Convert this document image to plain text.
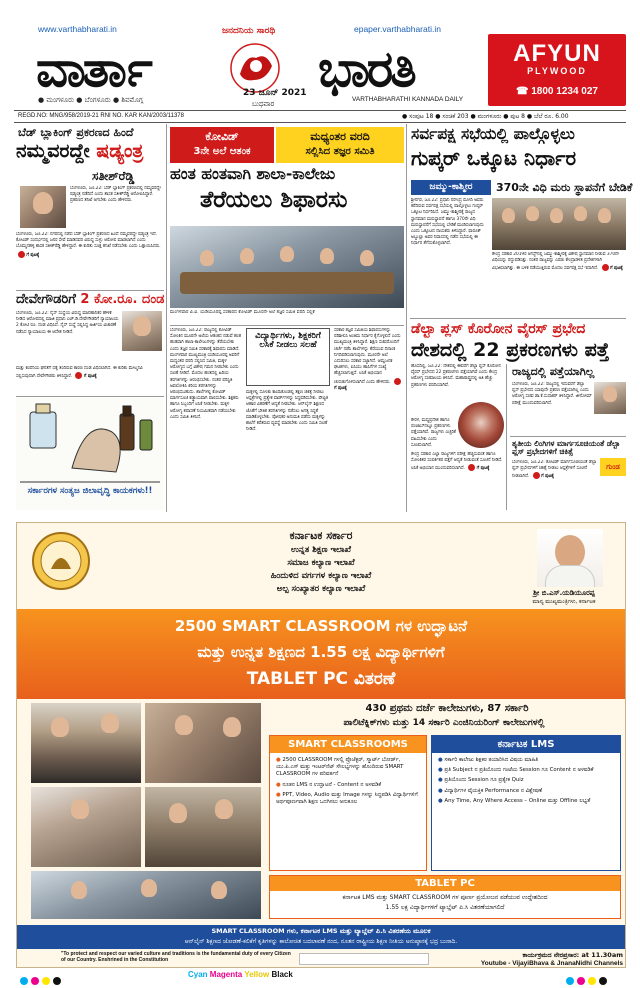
www.varthabharati.in	epaper.varthabharati.in
ಜನದನಿಯ ಸಾರಥಿ
ವಾರ್ತಾ	ಭಾರತಿ
● ಮಂಗಳೂರು ● ಬೆಂಗಳೂರು ● ಶಿವಮೊಗ್ಗ
23 ಜೂನ್ 2021
ಬುಧವಾರ
VARTHABHARATHI KANNADA DAILY
AFYUN
PLYWOOD
☎ 1800 1234 027
REGD.NO: MNG/958/2019-21 RNI NO. KAR KAN/2003/11378	● ಸಂಪುಟ 18 ● ಸಂಚಿಕೆ 203 ● ಮಂಗಳೂರು ● ಪುಟ 8 ● ಬೆಲೆ ರೂ. 6.00
ಬೆಡ್ ಬ್ಲಾಕಿಂಗ್ ಪ್ರಕರಣದ ಹಿಂದೆ
ನಮ್ಮವರದ್ದೇ ಷಡ್ಯಂತ್ರ
ಸತೀಶ್‌ರೆಡ್ಡಿ
ಬೆಂಗಳೂರು, ಜೂ.22: ಬೆಡ್ ಬ್ಲಾಕಿಂಗ್ ಪ್ರಕರಣದಲ್ಲಿ ನಮ್ಮವರದ್ದೇ ಷಡ್ಯಂತ್ರ ನಡೆದಿದೆ ಎಂದು ಶಾಸಕ ಸತೀಶ್‌ರೆಡ್ಡಿ ಆರೋಪಿಸಿದ್ದಾರೆ. ಪ್ರಕರಣದ ತನಿಖೆ ಆಗಬೇಕು ಎಂದು ಹೇಳಿದರು.
ಬೆಂಗಳೂರು, ಜೂ.22: ನಗರದಲ್ಲಿ ನಡೆದ ಬೆಡ್ ಬ್ಲಾಕಿಂಗ್ ಪ್ರಕರಣದ ಹಿಂದೆ ನಮ್ಮವರದ್ದೇ ಷಡ್ಯಂತ್ರ ಇದೆ. ಕೋವಿಡ್ ಸಂದರ್ಭದಲ್ಲಿ ಜನರ ಸೇವೆ ಮಾಡಿದವರ ವಿರುದ್ಧ ಸುಳ್ಳು ಆರೋಪ ಮಾಡಲಾಗಿದೆ ಎಂದು ಬೊಮ್ಮನಹಳ್ಳಿ ಶಾಸಕ ಸತೀಶ್‌ರೆಡ್ಡಿ ಹೇಳಿದ್ದಾರೆ. ಈ ಕುರಿತು ಸೂಕ್ತ ತನಿಖೆ ನಡೆಸಬೇಕು ಎಂದು ಒತ್ತಾಯಿಸಿದರು.  ಗೆ ಪುಟಕ್ಕೆ
ದೇವೇಗೌಡರಿಗೆ 2 ಕೋ.ರೂ. ದಂಡ
ಬೆಂಗಳೂರು, ಜೂ.22: ನೈಸ್ ಸಂಸ್ಥೆಯ ವಿರುದ್ಧ ಮಾನಹಾನಿಕರ ಹೇಳಿಕೆ ನೀಡಿದ ಆರೋಪದಲ್ಲಿ ಮಾಜಿ ಪ್ರಧಾನಿ ಎಚ್.ಡಿ.ದೇವೇಗೌಡರಿಗೆ ನ್ಯಾಯಾಲಯ 2 ಕೋಟಿ ರೂ. ದಂಡ ವಿಧಿಸಿದೆ. ನೈಸ್ ಸಂಸ್ಥೆ ಸಲ್ಲಿಸಿದ್ದ ಅರ್ಜಿಯ ವಿಚಾರಣೆ ನಡೆಸಿದ ನ್ಯಾಯಾಲಯ ಈ ಆದೇಶ ನೀಡಿದೆ.
ಮತ್ತು ಕಂಪೆನಿಯ ಘನತೆಗೆ ಧಕ್ಕೆ ತಂದಿರುವ ಕಾರಣ ದಂಡ ವಿಧಿಸಲಾಗಿದೆ. ಈ ಕುರಿತು ಮೇಲ್ಮನವಿ ಸಲ್ಲಿಸುವುದಾಗಿ ದೇವೇಗೌಡರು ತಿಳಿಸಿದ್ದಾರೆ.  ಗೆ ಪುಟಕ್ಕೆ
ಸರ್ಕಾರಗಳ ಸಂತ್ಯಜ ಜಿಲಾವೃದ್ಧಿ ಕಾಯಕಗಳು!!
ಕೋವಿಡ್
3ನೇ ಅಲೆ ಆತಂಕ
ಮಧ್ಯಂತರ ವರದಿ
ಸಲ್ಲಿಸಿದ ತಜ್ಞರ ಸಮಿತಿ
ಹಂತ ಹಂತವಾಗಿ ಶಾಲಾ-ಕಾಲೇಜು
ತೆರೆಯಲು ಶಿಫಾರಸು
ಮಂಗಳವಾರ ವಿ.ವಿ. ಯಡಿಯೂರಪ್ಪ ಸರಕಾರದ ಕೋವಿಡ್ ಮೂರನೇ ಅಲೆ ತಜ್ಞರ ಸಮಿತಿ ವರದಿ ಸಲ್ಲಿಕೆ
ಬೆಂಗಳೂರು, ಜೂ.22: ರಾಜ್ಯದಲ್ಲಿ ಕೋವಿಡ್ ಸೋಂಕಿನ ಮೂರನೇ ಅಲೆಯ ಆತಂಕದ ನಡುವೆ ಹಂತ ಹಂತವಾಗಿ ಶಾಲಾ-ಕಾಲೇಜುಗಳನ್ನು ತೆರೆಯಬೇಕು ಎಂದು ತಜ್ಞರ ಸಮಿತಿ ಸರಕಾರಕ್ಕೆ ಶಿಫಾರಸು ಮಾಡಿದೆ. ಮಂಗಳವಾರ ಮುಖ್ಯಮಂತ್ರಿ ಯಡಿಯೂರಪ್ಪ ಅವರಿಗೆ ಮಧ್ಯಂತರ ವರದಿ ಸಲ್ಲಿಸಿದ ಸಮಿತಿ, ಮಕ್ಕಳ ಆರೋಗ್ಯದ ಬಗ್ಗೆ ವಿಶೇಷ ಗಮನ ನೀಡಬೇಕು ಎಂದು ಸಲಹೆ ನೀಡಿದೆ. ಮೊದಲ ಹಂತದಲ್ಲಿ ಹಿರಿಯ ತರಗತಿಗಳನ್ನು ಆರಂಭಿಸಬೇಕು. ನಂತರ ಪರಿಸ್ಥಿತಿ ಅವಲೋಕಿಸಿ ಕಿರಿಯ ತರಗತಿಗಳನ್ನು ಆರಂಭಿಸಬಹುದು. ಶಾಲೆಗಳಲ್ಲಿ ಕೋವಿಡ್ ಮಾರ್ಗಸೂಚಿ ಕಡ್ಡಾಯವಾಗಿ ಪಾಲಿಸಬೇಕು. ಶಿಕ್ಷಕರು ಹಾಗೂ ಸಿಬ್ಬಂದಿಗೆ ಲಸಿಕೆ ನೀಡಬೇಕು. ಮಕ್ಕಳ ಆರೋಗ್ಯ ತಪಾಸಣೆ ನಿಯಮಿತವಾಗಿ ನಡೆಯಬೇಕು ಎಂದು ಸಮಿತಿ ತಿಳಿಸಿದೆ.
ವಿದ್ಯಾರ್ಥಿಗಳು, ಶಿಕ್ಷಕರಿಗೆ ಲಸಿಕೆ ನೀಡಲು ಸಲಹೆ
ಮಕ್ಕಳಲ್ಲಿ ಸೋಂಕು ಕಾಣಿಸಿಕೊಂಡಲ್ಲಿ ತಕ್ಷಣ ಚಿಕಿತ್ಸೆ ನೀಡಲು ಆಸ್ಪತ್ರೆಗಳಲ್ಲಿ ಪ್ರತ್ಯೇಕ ವಾರ್ಡ್‌ಗಳನ್ನು ಸಿದ್ಧಪಡಿಸಬೇಕು. ಪೌಷ್ಟಿಕ ಆಹಾರ ವಿತರಣೆಗೆ ಆದ್ಯತೆ ನೀಡಬೇಕು. ಆನ್‌ಲೈನ್ ಶಿಕ್ಷಣದ ಜೊತೆಗೆ ಭೌತಿಕ ತರಗತಿಗಳನ್ನು ನಡೆಸಲು ಅಗತ್ಯ ಸಿದ್ಧತೆ ಮಾಡಿಕೊಳ್ಳಬೇಕು. ಪೋಷಕರ ಅನುಮತಿ ಪಡೆದು ಮಕ್ಕಳನ್ನು ಶಾಲೆಗೆ ಕರೆತರುವ ವ್ಯವಸ್ಥೆ ಮಾಡಬೇಕು ಎಂದು ಸಮಿತಿ ಸಲಹೆ ನೀಡಿದೆ.
ಸರಕಾರ ತಜ್ಞರ ಸಮಿತಿಯ ಶಿಫಾರಸುಗಳನ್ನು ಪರಿಶೀಲಿಸಿ ಅಂತಿಮ ನಿರ್ಧಾರ ಕೈಗೊಳ್ಳಲಿದೆ ಎಂದು ಮುಖ್ಯಮಂತ್ರಿ ತಿಳಿಸಿದ್ದಾರೆ. ಶಿಕ್ಷಣ ಸಚಿವರೊಂದಿಗೆ ಚರ್ಚೆ ನಡೆಸಿ ಶಾಲೆಗಳನ್ನು ತೆರೆಯುವ ದಿನಾಂಕ ನಿಗದಿಪಡಿಸಲಾಗುವುದು. ಮೂರನೇ ಅಲೆ ಎದುರಿಸಲು ಸರಕಾರ ಸಜ್ಜಾಗಿದೆ. ಆಮ್ಲಜನಕ ಘಟಕಗಳು, ಐಸಿಯು ಹಾಸಿಗೆಗಳ ಸಂಖ್ಯೆ ಹೆಚ್ಚಿಸಲಾಗುತ್ತಿದೆ. ಲಸಿಕೆ ಅಭಿಯಾನ ಚುರುಕುಗೊಳಿಸಲಾಗಿದೆ ಎಂದು ಹೇಳಿದರು.  ಗೆ ಪುಟಕ್ಕೆ
ಸರ್ವಪಕ್ಷ ಸಭೆಯಲ್ಲಿ ಪಾಲ್ಗೊಳ್ಳಲು
ಗುಪ್ಕರ್ ಒಕ್ಕೂಟ ನಿರ್ಧಾರ
ಜಮ್ಮು-ಕಾಶ್ಮೀರ	370ನೇ ವಿಧಿ ಮರು ಸ್ಥಾಪನೆಗೆ ಬೇಡಿಕೆ
ಶ್ರೀನಗರ, ಜೂ.22: ಪ್ರಧಾನಿ ನರೇಂದ್ರ ಮೋದಿ ಅವರು ಕರೆದಿರುವ ಸರ್ವಪಕ್ಷ ಸಭೆಯಲ್ಲಿ ಪಾಲ್ಗೊಳ್ಳಲು ಗುಪ್ಕರ್ ಒಕ್ಕೂಟ ನಿರ್ಧರಿಸಿದೆ. ಜಮ್ಮು-ಕಾಶ್ಮೀರಕ್ಕೆ ರಾಜ್ಯದ ಸ್ಥಾನಮಾನ ಮರುಸ್ಥಾಪನೆ ಹಾಗೂ 370ನೇ ವಿಧಿ ಮರುಸ್ಥಾಪನೆಗೆ ಸಭೆಯಲ್ಲಿ ಬೇಡಿಕೆ ಮಂಡಿಸಲಾಗುವುದು ಎಂದು ಒಕ್ಕೂಟದ ನಾಯಕರು ತಿಳಿಸಿದ್ದಾರೆ. ಫಾರೂಕ್ ಅಬ್ದುಲ್ಲಾ ಅವರ ನಿವಾಸದಲ್ಲಿ ನಡೆದ ಸಭೆಯಲ್ಲಿ ಈ ನಿರ್ಧಾರ ತೆಗೆದುಕೊಳ್ಳಲಾಗಿದೆ.
ಕೇಂದ್ರ ಸರಕಾರ 2019ರ ಆಗಸ್ಟ್‌ನಲ್ಲಿ ಜಮ್ಮು-ಕಾಶ್ಮೀರಕ್ಕೆ ವಿಶೇಷ ಸ್ಥಾನಮಾನ ನೀಡುವ 370ನೇ ವಿಧಿಯನ್ನು ರದ್ದುಪಡಿಸಿತ್ತು. ನಂತರ ರಾಜ್ಯವನ್ನು ಎರಡು ಕೇಂದ್ರಾಡಳಿತ ಪ್ರದೇಶಗಳಾಗಿ ವಿಭಜಿಸಲಾಗಿತ್ತು. ಈ ಬಳಿಕ ನಡೆಯುತ್ತಿರುವ ಮೊದಲ ಸರ್ವಪಕ್ಷ ಸಭೆ ಇದಾಗಿದೆ.  ಗೆ ಪುಟಕ್ಕೆ
ಡೆಲ್ಟಾ ಪ್ಲಸ್ ಕೊರೋನ ವೈರಸ್ ಪ್ರಭೇದ
ದೇಶದಲ್ಲಿ 22 ಪ್ರಕರಣಗಳು ಪತ್ತೆ
ಹೊಸದಿಲ್ಲಿ, ಜೂ.22: ದೇಶದಲ್ಲಿ ಈವರೆಗೆ ಡೆಲ್ಟಾ ಪ್ಲಸ್ ಕೊರೋನ ವೈರಸ್ ಪ್ರಭೇದದ 22 ಪ್ರಕರಣಗಳು ಪತ್ತೆಯಾಗಿವೆ ಎಂದು ಕೇಂದ್ರ ಆರೋಗ್ಯ ಸಚಿವಾಲಯ ತಿಳಿಸಿದೆ. ಮಹಾರಾಷ್ಟ್ರದಲ್ಲಿ ಅತಿ ಹೆಚ್ಚು ಪ್ರಕರಣಗಳು ವರದಿಯಾಗಿವೆ.
ಕೇರಳ, ಮಧ್ಯಪ್ರದೇಶ ಹಾಗೂ ಪಂಜಾಬ್‌ನಲ್ಲೂ ಪ್ರಕರಣಗಳು ಪತ್ತೆಯಾಗಿವೆ. ರಾಜ್ಯಗಳು ಎಚ್ಚರಿಕೆ ವಹಿಸಬೇಕು ಎಂದು ಸೂಚಿಸಲಾಗಿದೆ.
ಕೇಂದ್ರ ಸರಕಾರ ಎಲ್ಲಾ ರಾಜ್ಯಗಳಿಗೆ ಪರೀಕ್ಷೆ ಹೆಚ್ಚಿಸುವಂತೆ ಹಾಗೂ ಸೋಂಕಿತರ ಸಂಪರ್ಕಿತರ ಪತ್ತೆಗೆ ಆದ್ಯತೆ ನೀಡುವಂತೆ ಸೂಚನೆ ನೀಡಿದೆ. ಲಸಿಕೆ ಅಭಿಯಾನ ಮುಂದುವರಿಸಲಾಗಿದೆ.  ಗೆ ಪುಟಕ್ಕೆ
ರಾಜ್ಯದಲ್ಲಿ ಪತ್ತೆಯಾಗಿಲ್ಲ
ಬೆಂಗಳೂರು, ಜೂ.22: ರಾಜ್ಯದಲ್ಲಿ ಇದುವರೆಗೆ ಡೆಲ್ಟಾ ಪ್ಲಸ್ ಪ್ರಭೇದದ ಯಾವುದೇ ಪ್ರಕರಣ ಪತ್ತೆಯಾಗಿಲ್ಲ ಎಂದು ಆರೋಗ್ಯ ಸಚಿವ ಡಾ.ಕೆ.ಸುಧಾಕರ್ ತಿಳಿಸಿದ್ದಾರೆ. ಜೀನೋಮ್ ಪರೀಕ್ಷೆ ಮುಂದುವರಿಸಲಾಗಿದೆ.
ತೃತೀಯ ಲಿಂಗಿಗಳ ಮಾರ್ಗಸೂಚಿಯಂತೆ ಡೆಲ್ಟಾ ಪ್ಲಸ್ ಪ್ರಭೇದಗಳಿಗೆ ಚಿಕಿತ್ಸೆ
ಗುಂಡ
ಬೆಂಗಳೂರು, ಜೂ.22: ಕೋವಿಡ್ ಮಾರ್ಗಸೂಚಿಯಂತೆ ಡೆಲ್ಟಾ ಪ್ಲಸ್ ಪ್ರಭೇದಗಳಿಗೆ ಚಿಕಿತ್ಸೆ ನೀಡಲು ಆಸ್ಪತ್ರೆಗಳಿಗೆ ಸೂಚನೆ ನೀಡಲಾಗಿದೆ.  ಗೆ ಪುಟಕ್ಕೆ
ಕರ್ನಾಟಕ ಸರ್ಕಾರ
ಉನ್ನತ ಶಿಕ್ಷಣ ಇಲಾಖೆ
ಸಮಾಜ ಕಲ್ಯಾಣ ಇಲಾಖೆ
ಹಿಂದುಳಿದ ವರ್ಗಗಳ ಕಲ್ಯಾಣ ಇಲಾಖೆ
ಅಲ್ಪ ಸಂಖ್ಯಾತರ ಕಲ್ಯಾಣ ಇಲಾಖೆ	ಶ್ರೀ ಬಿ.ಎಸ್.ಯಡಿಯೂರಪ್ಪ
ಮಾನ್ಯ ಮುಖ್ಯಮಂತ್ರಿಗಳು, ಕರ್ನಾಟಕ
2500 SMART CLASSROOM ಗಳ ಉದ್ಘಾಟನೆ
ಮತ್ತು ಉನ್ನತ ಶಿಕ್ಷಣದ 1.55 ಲಕ್ಷ ವಿದ್ಯಾರ್ಥಿಗಳಿಗೆ
TABLET PC ವಿತರಣೆ
430 ಪ್ರಥಮ ದರ್ಜೆ ಕಾಲೇಜುಗಳು, 87 ಸರ್ಕಾರಿ
ಪಾಲಿಟೆಕ್ನಿಕ್‌ಗಳು ಮತ್ತು 14 ಸರ್ಕಾರಿ ಎಂಜಿನಿಯರಿಂಗ್ ಕಾಲೇಜುಗಳಲ್ಲಿ
SMART CLASSROOMS
● 2500 CLASSROOM ಗಳಲ್ಲಿ ಪ್ರೊಜೆಕ್ಟರ್, ಸ್ಮಾರ್ಟ್ ಬೋರ್ಡ್, ಯು.ಪಿ.ಎಸ್ ಮತ್ತು ಇಂಟರ್‌ನೆಟ್ ಸೌಲಭ್ಯಗಳನ್ನು ಹೊಂದಿರುವ SMART CLASSROOM ಗಳ ಪರಿವರ್ತನೆ
● ನೂತನ LMS ನ ಉದ್ಘಾಟನೆ - Content ನ ಅಳವಡಿಕೆ
● PPT, Video, Audio ಮತ್ತು Image ಗಳನ್ನು ಸಿದ್ಧಪಡಿಸಿ ವಿದ್ಯಾರ್ಥಿಗಳಿಗೆ ಅರ್ಥಪೂರ್ಣವಾಗಿ ಶಿಕ್ಷಣ ಒದಗಿಸಲು ಅನುಕೂಲ
ಕರ್ನಾಟಕ LMS
● ಸರ್ಕಾರಿ ಕಾಲೇಜು ಶಿಕ್ಷಕರ ತಯಾರಿಸಿದ ವಿಷಯ ಮಾಹಿತಿ
● ಪ್ರತಿ Subject ನ ಪ್ರತಿಯೊಂದು ಗಂಟೆಯ Session ಗೂ Content ನ ಅಳವಡಿಕೆ
● ಪ್ರತಿಯೊಂದು Session ಗೂ ಪ್ರತ್ಯೇಕ Quiz
● ವಿದ್ಯಾರ್ಥಿಗಳ ವೈಯಕ್ತಿಕ Performance ನ ವಿಶ್ಲೇಷಣೆ
● Any Time, Any Where Access – Online ಮತ್ತು Offline ಲಭ್ಯತೆ
TABLET PC
ಕರ್ನಾಟಕ LMS ಮತ್ತು SMART CLASSROOM ಗಳ ಪೂರ್ಣ ಪ್ರಯೋಜನ ಪಡೆಯುವ ಉದ್ದೇಶದಿಂದ
1.55 ಲಕ್ಷ ವಿದ್ಯಾರ್ಥಿಗಳಿಗೆ ಟ್ಯಾಬ್ಲೆಟ್ ಪಿ.ಸಿ ವಿತರಣೆಯಾಗಲಿದೆ
SMART CLASSROOM ಗಳು, ಕರ್ನಾಟಕ LMS ಮತ್ತು ಟ್ಯಾಬ್ಲೆಟ್ ಪಿ.ಸಿ ವಿತರಣೆಯ ಮೂಲಕ
ಆನ್‌ಲೈನ್ ಶಿಕ್ಷಣದ ಜೋಡಣೆ-ಕಲಿಕೆಗೆ ಕೃತಿಗಳನ್ನು ಕಾಲೋಚಿತ ಬದಲಾವಣೆ ನಂದ, ನೂತನ ರಾಷ್ಟ್ರೀಯ ಶಿಕ್ಷಣ ನೀತಿಯ ಅನುಷ್ಠಾನಕ್ಕೆ ಭದ್ರ ಬುನಾದಿ.
"To protect and respect our varied culture and traditions is the fundamental duty of every Citizen of our Country. Enshrined in the Constitution
ಕಾರ್ಯಕ್ರಮದ ನೇರಪ್ರಸಾರ: at 11.30am
Youtube - VijayiBhava & JnanaNidhi Channels
Cyan Magenta Yellow Black
